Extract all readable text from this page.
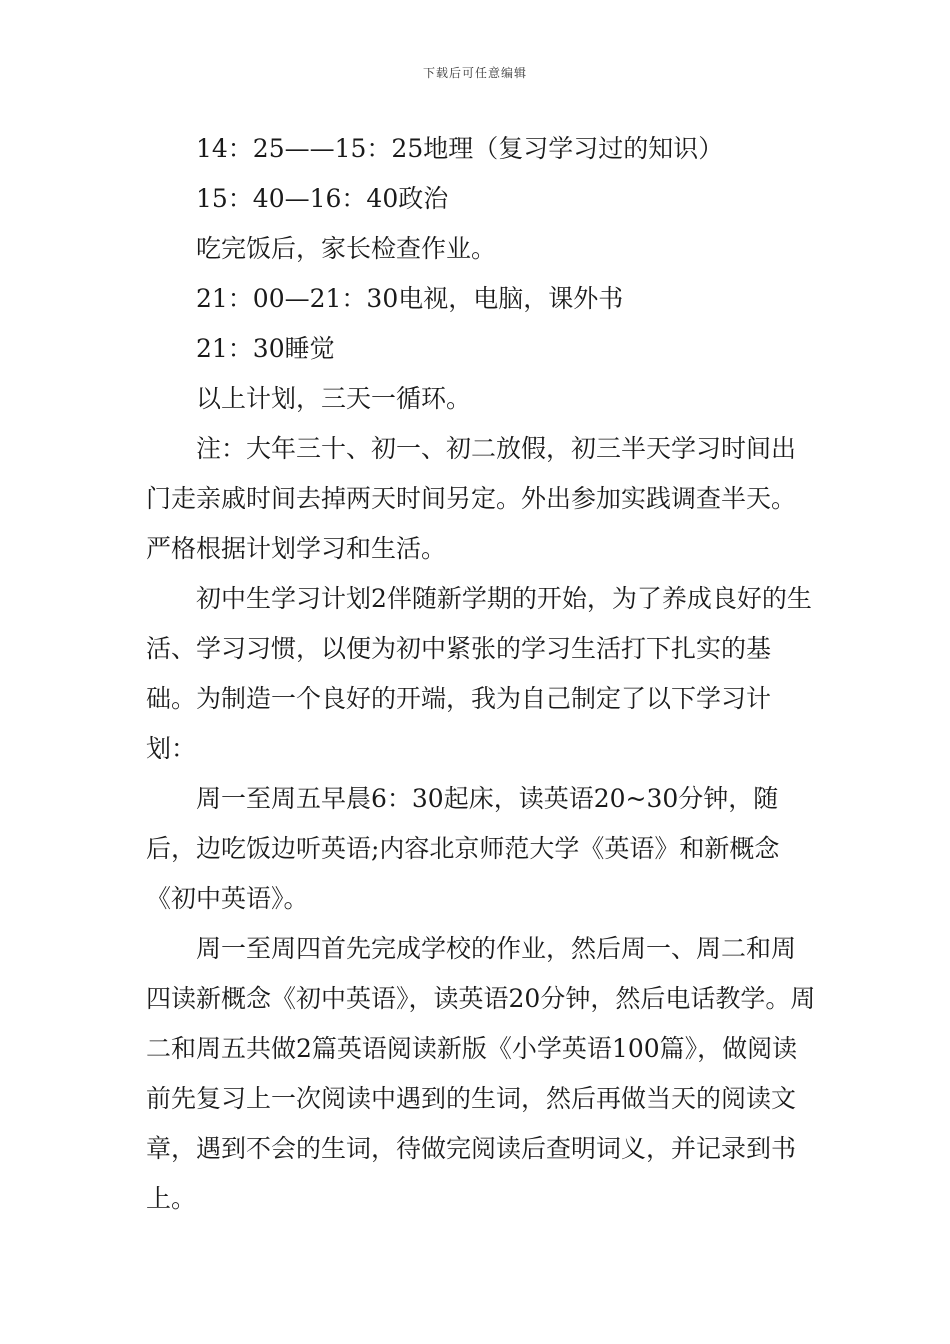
下载后可任意编辑

14：25——15：25地理（复习学习过的知识）

15：40—16：40政治

吃完饭后，家长检查作业。

21：00—21：30电视，电脑，课外书

21：30睡觉

以上计划，三天一循环。

注：大年三十、初一、初二放假，初三半天学习时间出门走亲戚时间去掉两天时间另定。外出参加实践调查半天。严格根据计划学习和生活。

初中生学习计划2伴随新学期的开始，为了养成良好的生活、学习习惯，以便为初中紧张的学习生活打下扎实的基础。为制造一个良好的开端，我为自己制定了以下学习计划：

周一至周五早晨6：30起床，读英语20~30分钟，随后，边吃饭边听英语;内容北京师范大学《英语》和新概念《初中英语》。

周一至周四首先完成学校的作业，然后周一、周二和周四读新概念《初中英语》，读英语20分钟，然后电话教学。周二和周五共做2篇英语阅读新版《小学英语100篇》，做阅读前先复习上一次阅读中遇到的生词，然后再做当天的阅读文章，遇到不会的生词，待做完阅读后查明词义，并记录到书上。
